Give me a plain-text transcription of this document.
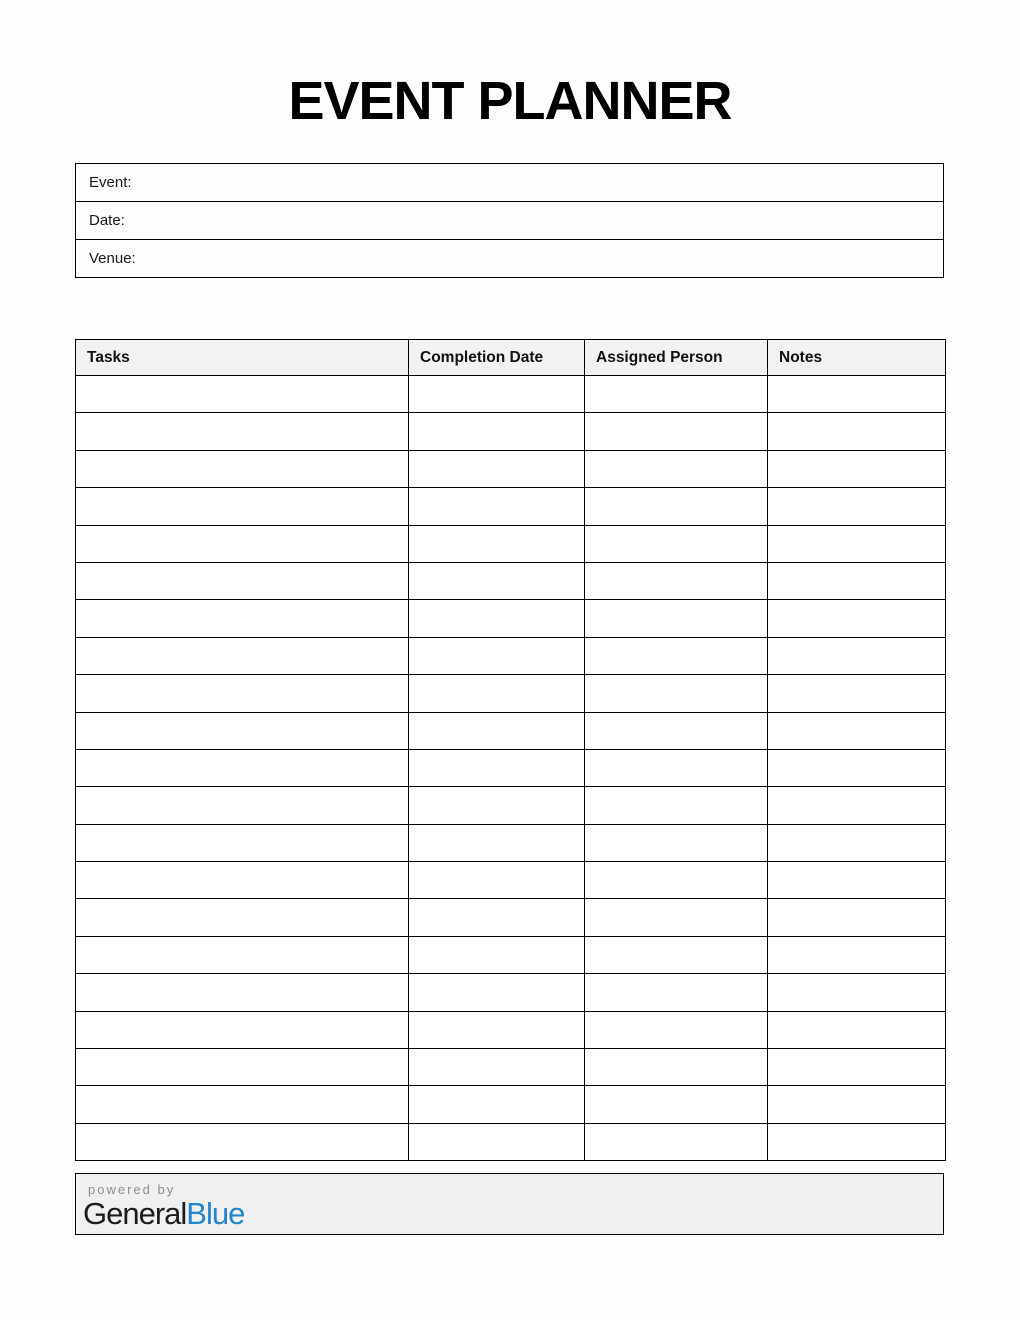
EVENT PLANNER
Event:
Date:
Venue:
Tasks	Completion Date	Assigned Person	Notes

powered by
GeneralBlue
